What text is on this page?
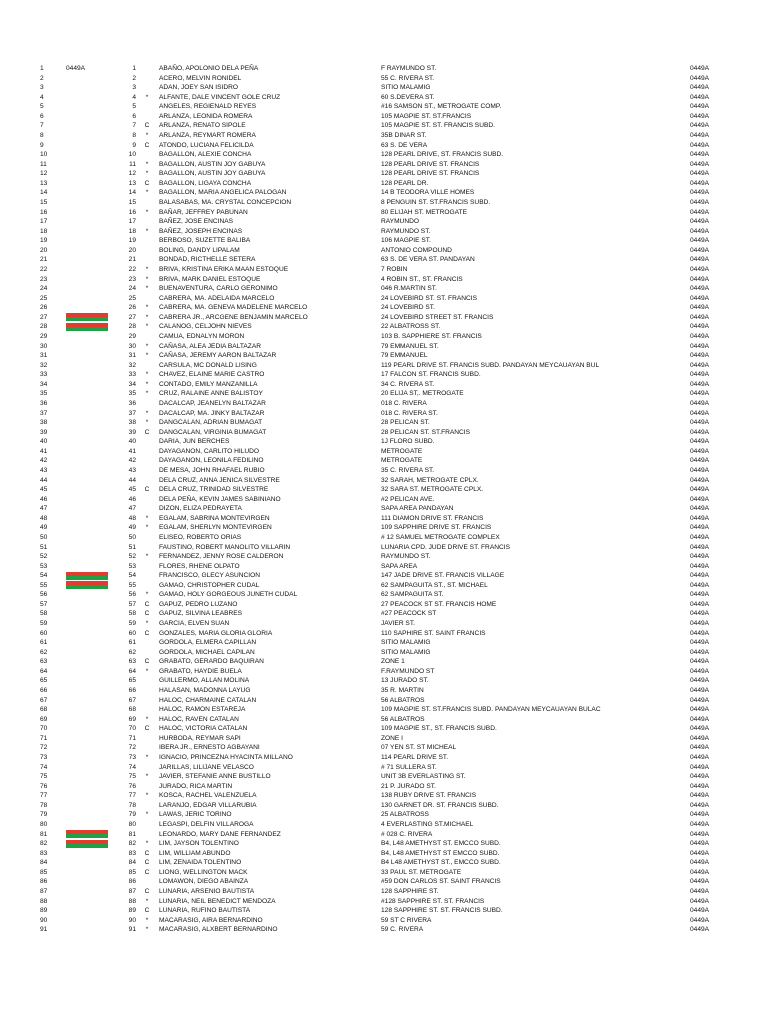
1	0449A	1	ABAÑO, APOLONIO DELA PEÑA	F RAYMUNDO ST.	0449A
2	2	ACERO, MELVIN RONIDEL	55 C. RIVERA ST.	0449A
3	3	ADAN, JOEY SAN ISIDRO	SITIO MALAMIG	0449A
4	4	*	ALFANTE, DALE VINCENT GOLE CRUZ	60 S.DEVERA ST.	0449A
5	5	ANGELES, REGIENALD REYES	#16 SAMSON ST., METROGATE COMP.	0449A
6	6	ARLANZA, LEONIDA ROMERA	105 MAGPIE ST. ST.FRANCIS	0449A
7	7	C	ARLANZA, RENATO SIPOLE	105 MAGPIE ST. ST. FRANCIS SUBD.	0449A
8	8	*	ARLANZA, REYMART ROMERA	35B DINAR ST.	0449A
9	9	C	ATONDO, LUCIANA FELICILDA	63 S. DE VERA	0449A
10	10	BAGALLON, ALEXIE CONCHA	128 PEARL DRIVE, ST. FRANCIS SUBD.	0449A
11	11	*	BAGALLON, AUSTIN JOY GABUYA	128 PEARL DRIVE ST. FRANCIS	0449A
12	12	*	BAGALLON, AUSTIN JOY GABUYA	128 PEARL DRIVE ST. FRANCIS	0449A
13	13	C	BAGALLON, LIGAYA CONCHA	128 PEARL DR.	0449A
14	14	*	BAGALLON, MARIA ANGELICA PALOGAN	14 B TEODORA VILLE HOMES	0449A
15	15	BALASABAS, MA. CRYSTAL CONCEPCION	8 PENGUIN ST. ST.FRANCIS SUBD.	0449A
16	16	*	BAÑAR, JEFFREY PABUNAN	80 ELIJAH ST. METROGATE	0449A
17	17	BAÑEZ, JOSE ENCINAS	RAYMUNDO	0449A
18	18	*	BAÑEZ, JOSEPH ENCINAS	RAYMUNDO ST.	0449A
19	19	BERBOSO, SUZETTE BALIBA	106 MAGPIE ST.	0449A
20	20	BOLING, DANDY LIPALAM	ANTONIO COMPOUND	0449A
21	21	BONDAD, RICTHELLE SETERA	63 S. DE VERA ST. PANDAYAN	0449A
22	22	*	BRIVA, KRISTINA ERIKA MAAN ESTOQUE	7 ROBIN	0449A
23	23	*	BRIVA, MARK DANIEL ESTOQUE	4 ROBIN ST., ST. FRANCIS	0449A
24	24	*	BUENAVENTURA, CARLO GERONIMO	046 R.MARTIN ST.	0449A
25	25	CABRERA, MA. ADELAIDA MARCELO	24 LOVEBIRD ST. ST. FRANCIS	0449A
26	26	*	CABRERA, MA. GENEVA MADELENE MARCELO	24 LOVEBIRD ST.	0449A
27	27	*	CABRERA JR., ARCGENE BENJAMIN MARCELO	24 LOVEBIRD STREET ST. FRANCIS	0449A
28	28	*	CALANOG, CELJOHN NIEVES	22 ALBATROSS ST.	0449A
29	29	CAMUA, EDNALYN MORON	103 B. SAPPHIERE ST. FRANCIS	0449A
30	30	*	CAÑASA, ALEA JEDIA BALTAZAR	79 EMMANUEL ST.	0449A
31	31	*	CAÑASA, JEREMY AARON BALTAZAR	79 EMMANUEL	0449A
32	32	CARSULA, MC DONALD LISING	119 PEARL DRIVE ST. FRANCIS SUBD. PANDAYAN MEYCAUAYAN BUL	0449A
33	33	*	CHAVEZ, ELAINE MARIE CASTRO	17 FALCON ST. FRANCIS SUBD.	0449A
34	34	*	CONTADO, EMILY MANZANILLA	34 C. RIVERA ST.	0449A
35	35	*	CRUZ, RALAINE ANNE BALISTOY	20 ELIJA ST,. METROGATE	0449A
36	36	DACALCAP, JEANELYN BALTAZAR	018 C. RIVERA	0449A
37	37	*	DACALCAP, MA. JINKY BALTAZAR	018 C. RIVERA ST.	0449A
38	38	*	DANGCALAN, ADRIAN BUMAGAT	28 PELICAN ST.	0449A
39	39	C	DANGCALAN, VIRGINIA BUMAGAT	28 PELICAN ST. ST.FRANCIS	0449A
40	40	DARIA, JUN BERCHES	1J FLORO SUBD.	0449A
41	41	DAYAGANON, CARLITO HILUDO	METROGATE	0449A
42	42	DAYAGANON, LEONILA FEDILINO	METROGATE	0449A
43	43	DE MESA, JOHN RHAFAEL RUBIO	35 C. RIVERA ST.	0449A
44	44	DELA CRUZ, ANNA JENICA SILVESTRE	32 SARAH, METROGATE CPLX.	0449A
45	45	C	DELA CRUZ, TRINIDAD SILVESTRE	32 SARA ST. METROGATE CPLX.	0449A
46	46	DELA PEÑA, KEVIN JAMES SABINIANO	#2 PELICAN AVE.	0449A
47	47	DIZON, ELIZA PEDRAYETA	SAPA AREA PANDAYAN	0449A
48	48	*	EGALAM, SABRINA MONTEVIRGEN	111 DIAMON DRIVE ST. FRANCIS	0449A
49	49	*	EGALAM, SHERLYN MONTEVIRGEN	109 SAPPHIRE DRIVE ST. FRANCIS	0449A
50	50	ELISEO, ROBERTO ORIAS	# 12 SAMUEL METROGATE COMPLEX	0449A
51	51	FAUSTINO, ROBERT MANOLITO VILLARIN	LUNARIA CPD. JUDE DRIVE ST. FRANCIS	0449A
52	52	*	FERNANDEZ, JENNY ROSE CALDERON	RAYMUNDO ST.	0449A
53	53	FLORES, RHENE OLPATO	SAPA AREA	0449A
54	54	FRANCISCO, GLECY ASUNCION	147 JADE DRIVE ST. FRANCIS VILLAGE	0449A
55	55	GAMAO, CHRISTOPHER CUDAL	62 SAMPAGUITA ST., ST. MICHAEL	0449A
56	56	*	GAMAO, HOLY GORGEOUS JUNETH CUDAL	62 SAMPAGUITA ST.	0449A
57	57	C	GAPUZ, PEDRO LUZANO	27 PEACOCK ST ST. FRANCIS HOME	0449A
58	58	C	GAPUZ, SILVINA LEABRES	#27 PEACOCK ST	0449A
59	59	*	GARCIA, ELVEN SUAN	JAVIER ST.	0449A
60	60	C	GONZALES, MARIA GLORIA GLORIA	110 SAPHIRE ST. SAINT FRANCIS	0449A
61	61	GORDOLA, ELMERA CAPILLAN	SITIO MALAMIG	0449A
62	62	GORDOLA, MICHAEL CAPILAN	SITIO MALAMIG	0449A
63	63	C	GRABATO, GERARDO BAQUIRAN	ZONE 1	0449A
64	64	*	GRABATO, HAYDIE BUELA	F.RAYMUNDO ST	0449A
65	65	GUILLERMO, ALLAN MOLINA	13 JURADO ST.	0449A
66	66	HALASAN, MADONNA LAYUG	35 R. MARTIN	0449A
67	67	HALOC, CHARMAINE CATALAN	56 ALBATROS	0449A
68	68	HALOC, RAMON ESTAREJA	109 MAGPIE ST. ST.FRANCIS SUBD. PANDAYAN MEYCAUAYAN BULAC	0449A
69	69	*	HALOC, RAVEN CATALAN	56 ALBATROS	0449A
70	70	C	HALOC, VICTORIA CATALAN	109 MAGPIE ST., ST. FRANCIS SUBD.	0449A
71	71	HURBODA, REYMAR SAPI	ZONE I	0449A
72	72	IBERA JR., ERNESTO AGBAYANI	07 YEN ST. ST MICHEAL	0449A
73	73	*	IGNACIO, PRINCEZNA HYACINTA MILLANO	114 PEARL DRIVE ST.	0449A
74	74	JARILLAS, LILIJANE VELASCO	# 71 SULLERA ST.	0449A
75	75	*	JAVIER, STEFANIE ANNE BUSTILLO	UNIT 3B EVERLASTING ST.	0449A
76	76	JURADO, RICA MARTIN	21 P. JURADO ST.	0449A
77	77	*	KOSCA, RACHEL VALENZUELA	138 RUBY DRIVE ST. FRANCIS	0449A
78	78	LARANJO, EDGAR VILLARUBIA	130 GARNET DR. ST. FRANCIS SUBD.	0449A
79	79	*	LAWAS, JERIC TORINO	25 ALBATROSS	0449A
80	80	LEGASPI, DELFIN VILLAROGA	4 EVERLASTING ST.MICHAEL	0449A
81	81	LEONARDO, MARY DANE FERNANDEZ	# 028 C. RIVERA	0449A
82	82	*	LIM, JAYSON TOLENTINO	B4, L48 AMETHYST ST. EMCCO SUBD.	0449A
83	83	C	LIM, WILLIAM ABUNDO	B4, L48 AMETHYST ST EMCCO SUBD.	0449A
84	84	C	LIM, ZENAIDA TOLENTINO	B4 L48 AMETHYST ST., EMCCO SUBD.	0449A
85	85	C	LIONG, WELLINGTON MACK	33 PAUL ST. METROGATE	0449A
86	86	LOMAWON, DIEGO ABAINZA	#59 DON CARLOS ST. SAINT FRANCIS	0449A
87	87	C	LUNARIA, ARSENIO BAUTISTA	128 SAPPHIRE ST.	0449A
88	88	*	LUNARIA, NEIL BENEDICT MENDOZA	#128 SAPPHIRE ST. ST. FRANCIS	0449A
89	89	C	LUNARIA, RUFINO BAUTISTA	128 SAPPHIRE ST. ST. FRANCIS SUBD.	0449A
90	90	*	MACARASIG, AIRA BERNARDINO	59 ST C RIVERA	0449A
91	91	*	MACARASIG, ALXBERT BERNARDINO	59 C. RIVERA	0449A
